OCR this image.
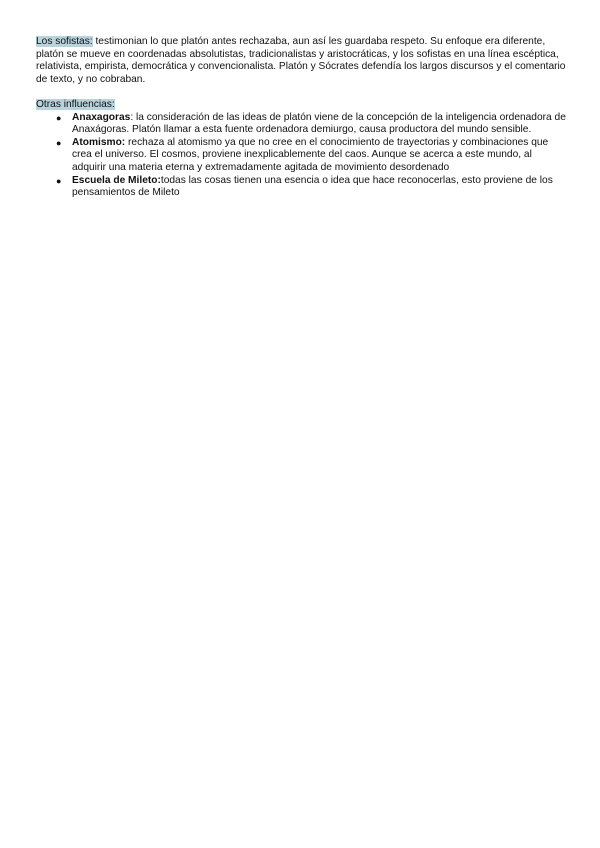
Los sofistas: testimonian lo que platón antes rechazaba, aun así les guardaba respeto. Su enfoque era diferente, platón se mueve en coordenadas absolutistas, tradicionalistas y aristocráticas, y los sofistas en una línea escéptica, relativista, empirista, democrática y convencionalista. Platón y Sócrates defendía los largos discursos y el comentario de texto, y no cobraban.

Otras influencias:
● Anaxagoras: la consideración de las ideas de platón viene de la concepción de la inteligencia ordenadora de Anaxágoras. Platón llamar a esta fuente ordenadora demiurgo, causa productora del mundo sensible.
● Atomismo: rechaza al atomismo ya que no cree en el conocimiento de trayectorias y combinaciones que crea el universo. El cosmos, proviene inexplicablemente del caos. Aunque se acerca a este mundo, al adquirir una materia eterna y extremadamente agitada de movimiento desordenado
● Escuela de Mileto:todas las cosas tienen una esencia o idea que hace reconocerlas, esto proviene de los pensamientos de Mileto
